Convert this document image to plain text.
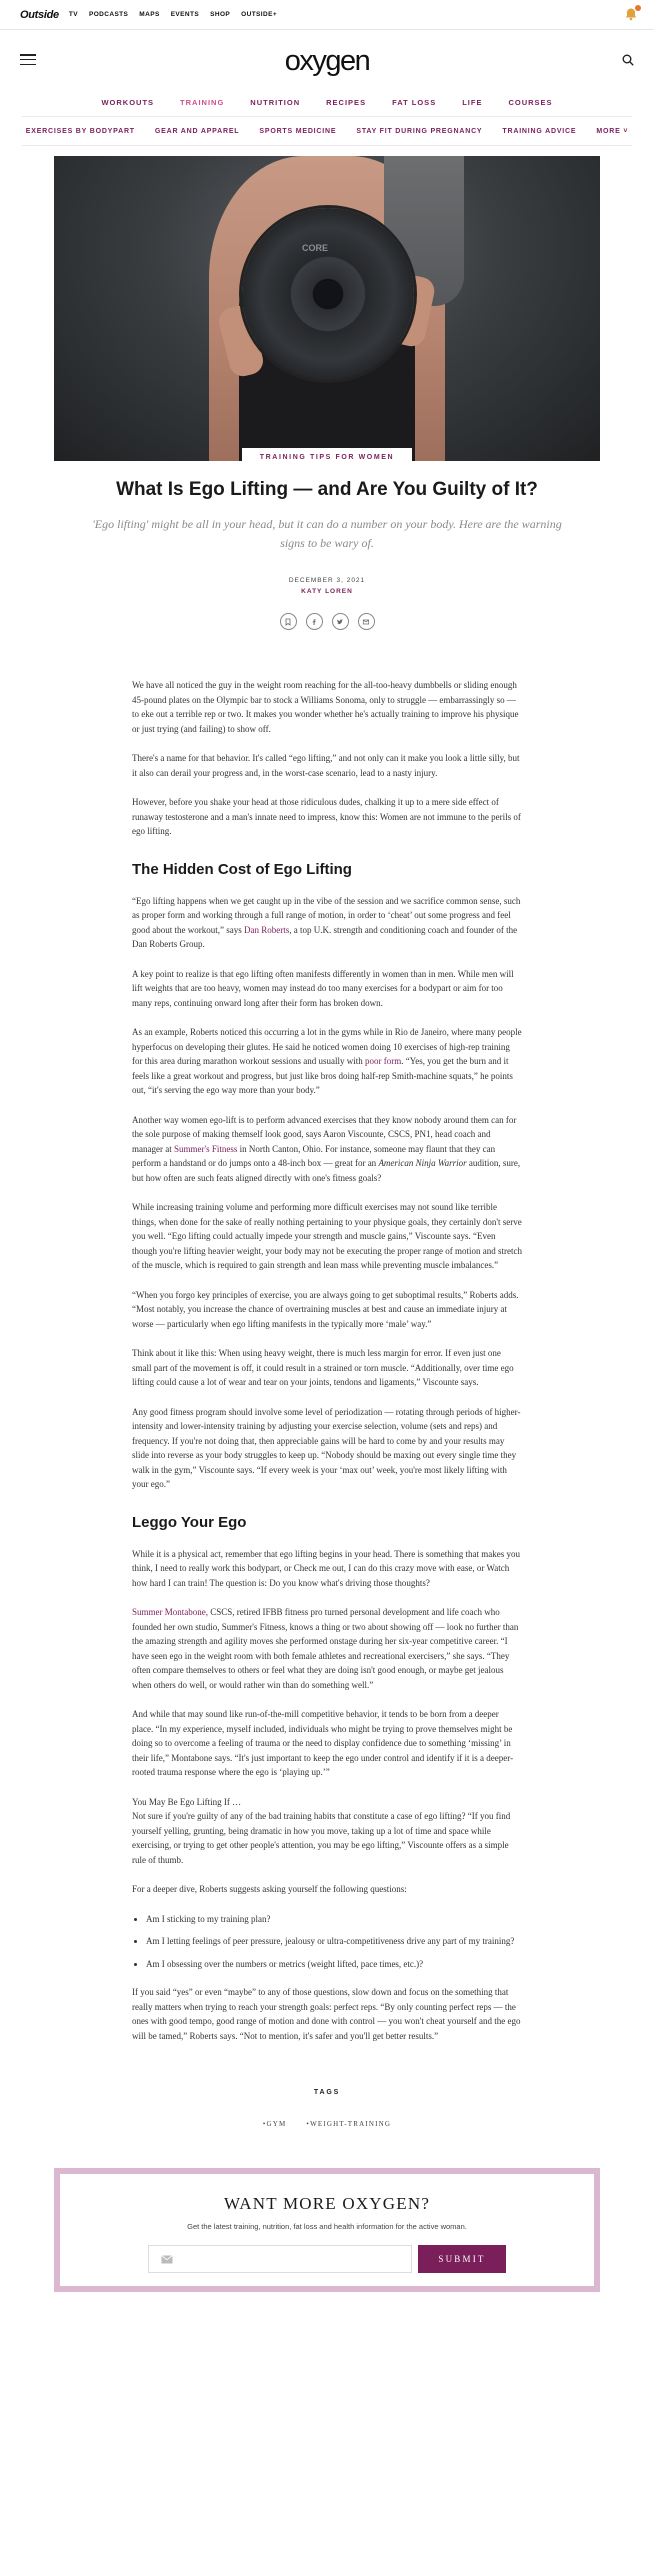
Outside TV PODCASTS MAPS EVENTS SHOP OUTSIDE+
oxygen
WORKOUTS	TRAINING	NUTRITION	RECIPES	FAT LOSS	LIFE	COURSES
EXERCISES BY BODYPART	GEAR AND APPAREL	SPORTS MEDICINE	STAY FIT DURING PREGNANCY	TRAINING ADVICE	MORE ˅
CORE
TRAINING TIPS FOR WOMEN
What Is Ego Lifting — and Are You Guilty of It?

'Ego lifting' might be all in your head, but it can do a number on your body. Here are the warning signs to be wary of.

DECEMBER 3, 2021
KATY LOREN

We have all noticed the guy in the weight room reaching for the all-too-heavy dumbbells or sliding enough 45-pound plates on the Olympic bar to stock a Williams Sonoma, only to struggle — embarrassingly so — to eke out a terrible rep or two. It makes you wonder whether he's actually training to improve his physique or just trying (and failing) to show off.

There's a name for that behavior. It's called “ego lifting,” and not only can it make you look a little silly, but it also can derail your progress and, in the worst-case scenario, lead to a nasty injury.

However, before you shake your head at those ridiculous dudes, chalking it up to a mere side effect of runaway testosterone and a man's innate need to impress, know this: Women are not immune to the perils of ego lifting.

The Hidden Cost of Ego Lifting

“Ego lifting happens when we get caught up in the vibe of the session and we sacrifice common sense, such as proper form and working through a full range of motion, in order to ‘cheat’ out some progress and feel good about the workout,” says Dan Roberts, a top U.K. strength and conditioning coach and founder of the Dan Roberts Group.

A key point to realize is that ego lifting often manifests differently in women than in men. While men will lift weights that are too heavy, women may instead do too many exercises for a bodypart or aim for too many reps, continuing onward long after their form has broken down.

As an example, Roberts noticed this occurring a lot in the gyms while in Rio de Janeiro, where many people hyperfocus on developing their glutes. He said he noticed women doing 10 exercises of high-rep training for this area during marathon workout sessions and usually with poor form. “Yes, you get the burn and it feels like a great workout and progress, but just like bros doing half-rep Smith-machine squats,” he points out, “it's serving the ego way more than your body.”

Another way women ego-lift is to perform advanced exercises that they know nobody around them can for the sole purpose of making themself look good, says Aaron Viscounte, CSCS, PN1, head coach and manager at Summer's Fitness in North Canton, Ohio. For instance, someone may flaunt that they can perform a handstand or do jumps onto a 48-inch box — great for an American Ninja Warrior audition, sure, but how often are such feats aligned directly with one's fitness goals?

While increasing training volume and performing more difficult exercises may not sound like terrible things, when done for the sake of really nothing pertaining to your physique goals, they certainly don't serve you well. “Ego lifting could actually impede your strength and muscle gains,” Viscounte says. “Even though you're lifting heavier weight, your body may not be executing the proper range of motion and stretch of the muscle, which is required to gain strength and lean mass while preventing muscle imbalances.”

“When you forgo key principles of exercise, you are always going to get suboptimal results,” Roberts adds. “Most notably, you increase the chance of overtraining muscles at best and cause an immediate injury at worse — particularly when ego lifting manifests in the typically more ‘male’ way.”

Think about it like this: When using heavy weight, there is much less margin for error. If even just one small part of the movement is off, it could result in a strained or torn muscle. “Additionally, over time ego lifting could cause a lot of wear and tear on your joints, tendons and ligaments,” Viscounte says.

Any good fitness program should involve some level of periodization — rotating through periods of higher-intensity and lower-intensity training by adjusting your exercise selection, volume (sets and reps) and frequency. If you're not doing that, then appreciable gains will be hard to come by and your results may slide into reverse as your body struggles to keep up. “Nobody should be maxing out every single time they walk in the gym,” Viscounte says. “If every week is your ‘max out’ week, you're most likely lifting with your ego.”

Leggo Your Ego

While it is a physical act, remember that ego lifting begins in your head. There is something that makes you think, I need to really work this bodypart, or Check me out, I can do this crazy move with ease, or Watch how hard I can train! The question is: Do you know what's driving those thoughts?

Summer Montabone, CSCS, retired IFBB fitness pro turned personal development and life coach who founded her own studio, Summer's Fitness, knows a thing or two about showing off — look no further than the amazing strength and agility moves she performed onstage during her six-year competitive career. “I have seen ego in the weight room with both female athletes and recreational exercisers,” she says. “They often compare themselves to others or feel what they are doing isn't good enough, or maybe get jealous when others do well, or would rather win than do something well.”

And while that may sound like run-of-the-mill competitive behavior, it tends to be born from a deeper place. “In my experience, myself included, individuals who might be trying to prove themselves might be doing so to overcome a feeling of trauma or the need to display confidence due to something ‘missing’ in their life,” Montabone says. “It's just important to keep the ego under control and identify if it is a deeper-rooted trauma response where the ego is ‘playing up.’”

You May Be Ego Lifting If …

Not sure if you're guilty of any of the bad training habits that constitute a case of ego lifting? “If you find yourself yelling, grunting, being dramatic in how you move, taking up a lot of time and space while exercising, or trying to get other people's attention, you may be ego lifting,” Viscounte offers as a simple rule of thumb.

For a deeper dive, Roberts suggests asking yourself the following questions:

• Am I sticking to my training plan?
• Am I letting feelings of peer pressure, jealousy or ultra-competitiveness drive any part of my training?
• Am I obsessing over the numbers or metrics (weight lifted, pace times, etc.)?

If you said “yes” or even “maybe” to any of those questions, slow down and focus on the something that really matters when trying to reach your strength goals: perfect reps. “By only counting perfect reps — the ones with good tempo, good range of motion and done with control — you won't cheat yourself and the ego will be tamed,” Roberts says. “Not to mention, it's safer and you'll get better results.”

TAGS
• GYM
•	WEIGHT-TRAINING
WANT MORE OXYGEN?
Get the latest training, nutrition, fat loss and health information for the active woman.
SUBMIT
